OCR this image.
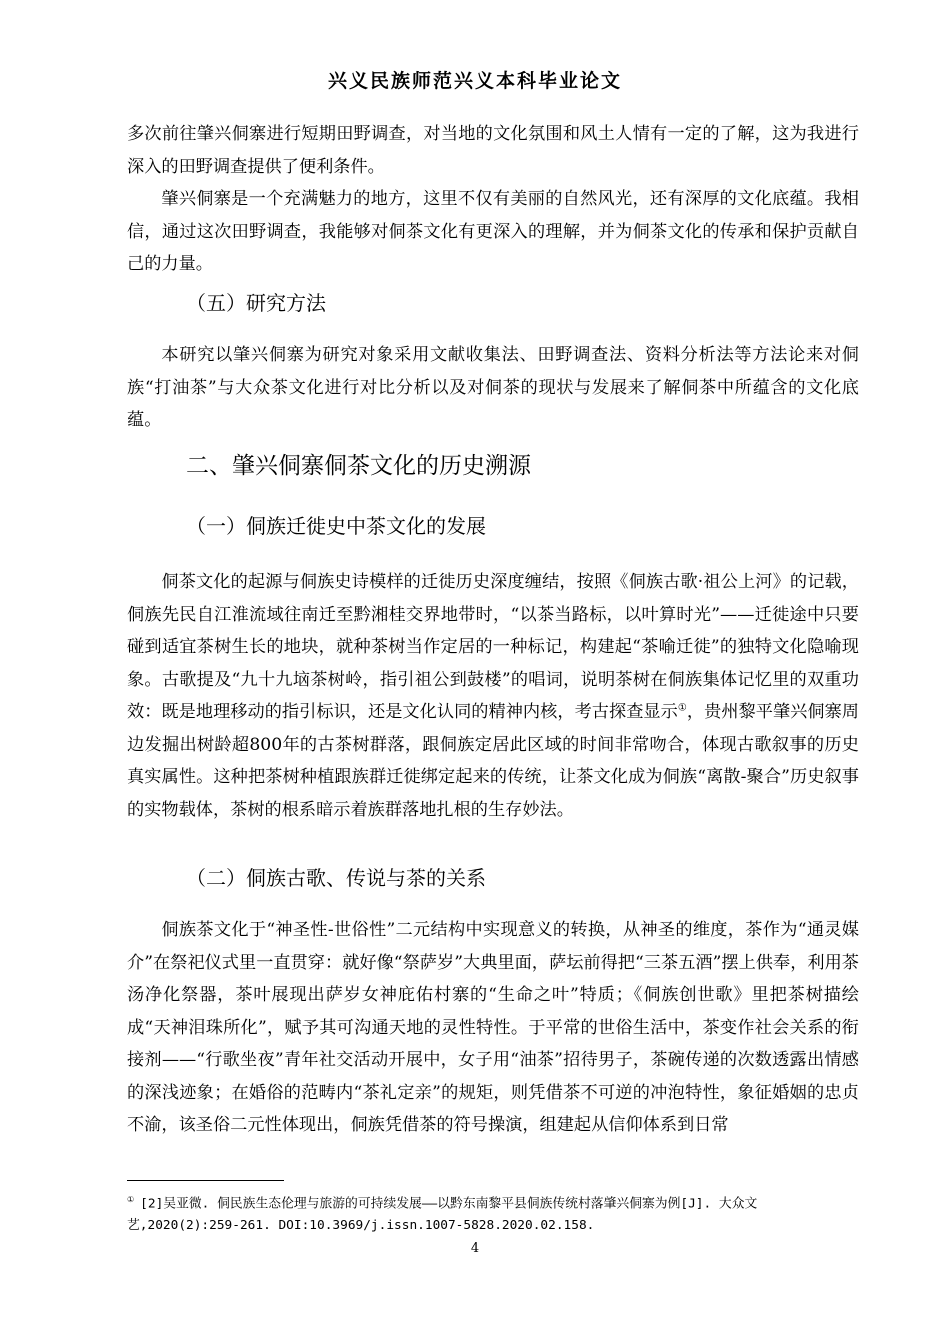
兴义民族师范兴义本科毕业论文

多次前往肇兴侗寨进行短期田野调查，对当地的文化氛围和风土人情有一定的了解，这为我进行深入的田野调查提供了便利条件。

肇兴侗寨是一个充满魅力的地方，这里不仅有美丽的自然风光，还有深厚的文化底蕴。我相信，通过这次田野调查，我能够对侗茶文化有更深入的理解，并为侗茶文化的传承和保护贡献自己的力量。

（五）研究方法

本研究以肇兴侗寨为研究对象采用文献收集法、田野调查法、资料分析法等方法论来对侗族“打油茶”与大众茶文化进行对比分析以及对侗茶的现状与发展来了解侗茶中所蕴含的文化底蕴。

二、肇兴侗寨侗茶文化的历史溯源
（一）侗族迁徙史中茶文化的发展

侗茶文化的起源与侗族史诗模样的迁徙历史深度缠结，按照《侗族古歌·祖公上河》的记载，侗族先民自江淮流域往南迁至黔湘桂交界地带时，“以茶当路标，以叶算时光”——迁徙途中只要碰到适宜茶树生长的地块，就种茶树当作定居的一种标记，构建起“茶喻迁徙”的独特文化隐喻现象。古歌提及“九十九垴茶树岭，指引祖公到鼓楼”的唱词，说明茶树在侗族集体记忆里的双重功效：既是地理移动的指引标识，还是文化认同的精神内核，考古探查显示①，贵州黎平肇兴侗寨周边发掘出树龄超800年的古茶树群落，跟侗族定居此区域的时间非常吻合，体现古歌叙事的历史真实属性。这种把茶树种植跟族群迁徙绑定起来的传统，让茶文化成为侗族“离散-聚合”历史叙事的实物载体，茶树的根系暗示着族群落地扎根的生存妙法。

（二）侗族古歌、传说与茶的关系

侗族茶文化于“神圣性-世俗性”二元结构中实现意义的转换，从神圣的维度，茶作为“通灵媒介”在祭祀仪式里一直贯穿：就好像“祭萨岁”大典里面，萨坛前得把“三茶五酒”摆上供奉，利用茶汤净化祭器，茶叶展现出萨岁女神庇佑村寨的“生命之叶”特质；《侗族创世歌》里把茶树描绘成“天神泪珠所化”，赋予其可沟通天地的灵性特性。于平常的世俗生活中，茶变作社会关系的衔接剂——“行歌坐夜”青年社交活动开展中，女子用“油茶”招待男子，茶碗传递的次数透露出情感的深浅迹象；在婚俗的范畴内“茶礼定亲”的规矩，则凭借茶不可逆的冲泡特性，象征婚姻的忠贞不渝，该圣俗二元性体现出，侗族凭借茶的符号操演，组建起从信仰体系到日常

① [2]吴亚微. 侗民族生态伦理与旅游的可持续发展——以黔东南黎平县侗族传统村落肇兴侗寨为例[J]. 大众文艺,2020(2):259-261. DOI:10.3969/j.issn.1007-5828.2020.02.158.
4
